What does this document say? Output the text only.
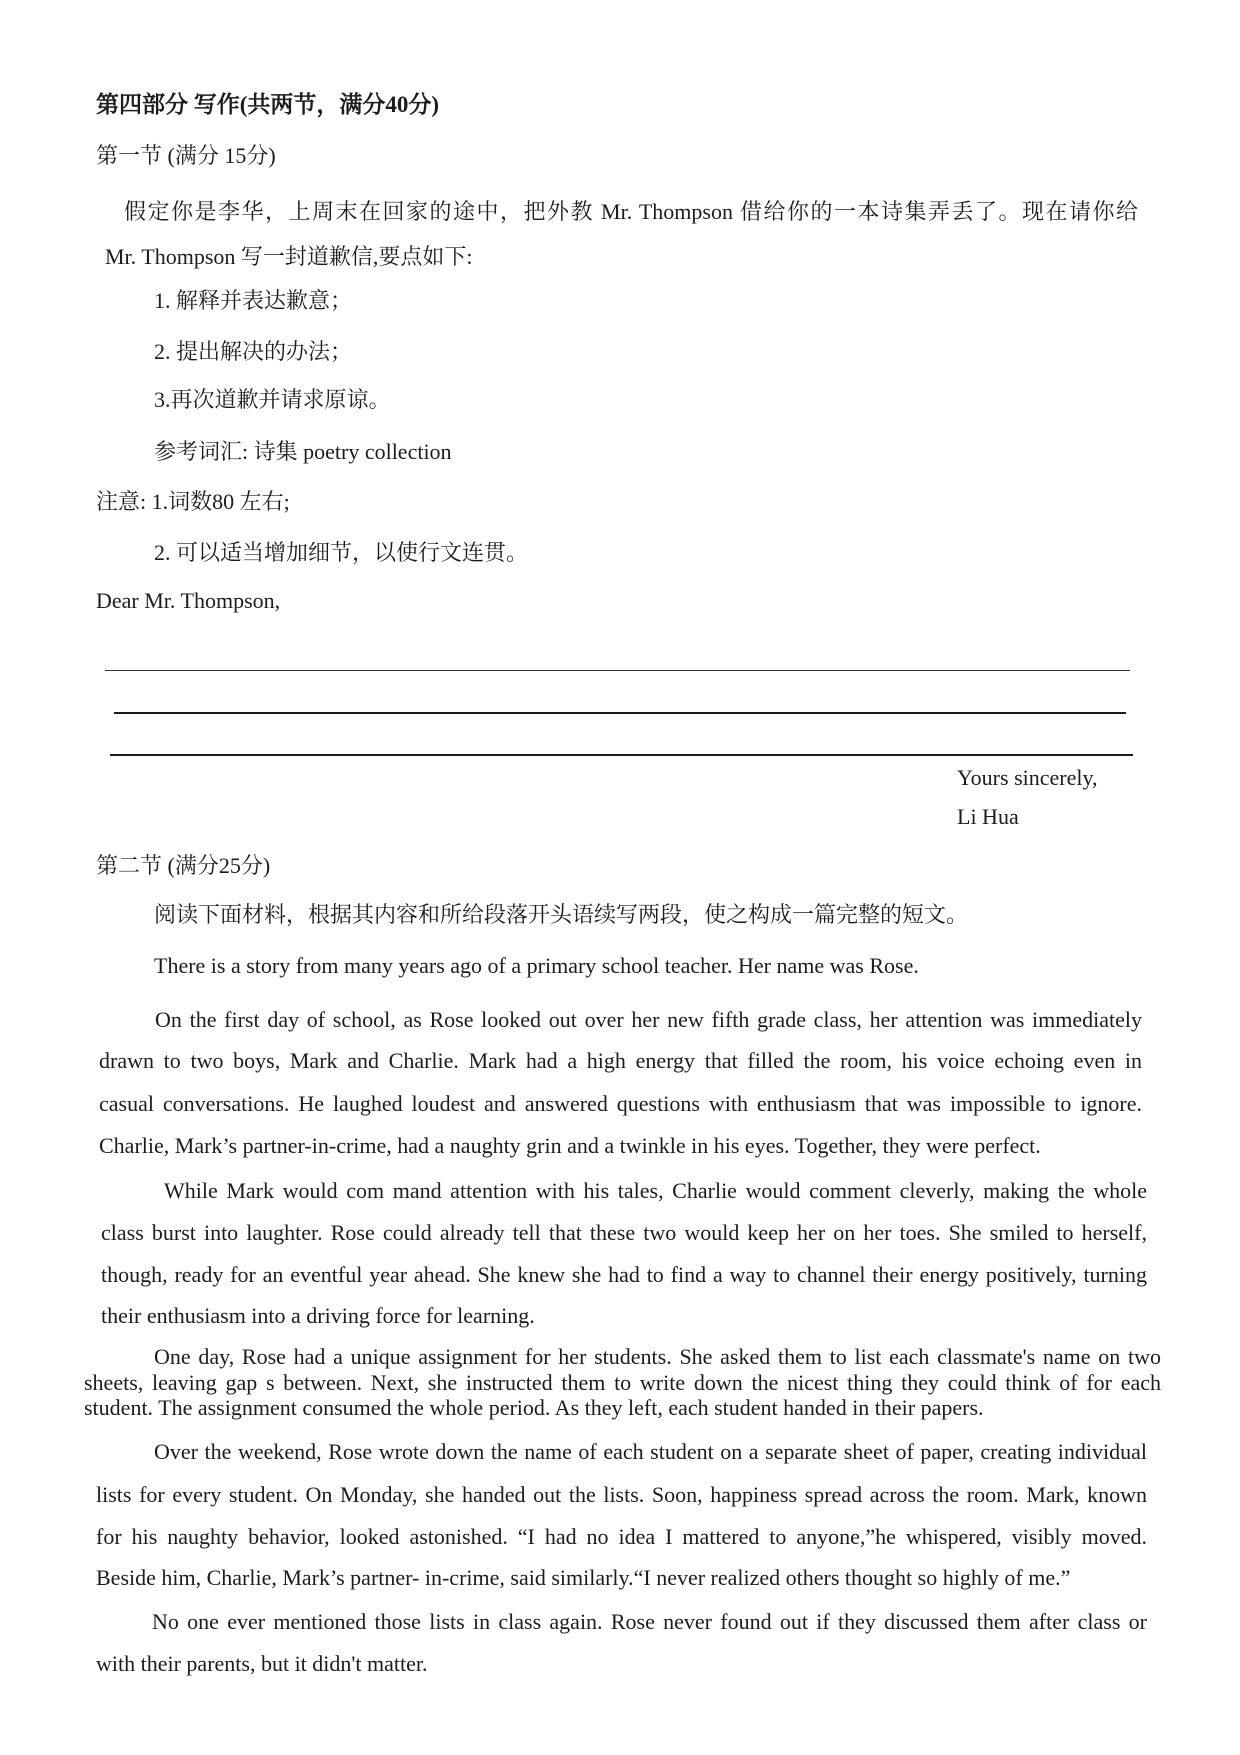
第四部分 写作(共两节，满分40分)
第一节 (满分 15分)
假定你是李华，上周末在回家的途中，把外教 Mr. Thompson 借给你的一本诗集弄丢了。现在请你给
Mr. Thompson 写一封道歉信,要点如下:
1. 解释并表达歉意；
2. 提出解决的办法；
3.再次道歉并请求原谅。
参考词汇: 诗集 poetry collection
注意: 1.词数80 左右;
2. 可以适当增加细节，以使行文连贯。
Dear Mr. Thompson,
Yours sincerely,
Li Hua
第二节 (满分25分)
阅读下面材料，根据其内容和所给段落开头语续写两段，使之构成一篇完整的短文。
There is a story from many years ago of a primary school teacher. Her name was Rose.
On the first day of school, as Rose looked out over her new fifth grade class, her attention was immediately
drawn to two boys, Mark and Charlie. Mark had a high energy that filled the room, his voice echoing even in
casual conversations. He laughed loudest and answered questions with enthusiasm that was impossible to ignore.
Charlie, Mark’s partner-in-crime, had a naughty grin and a twinkle in his eyes. Together, they were perfect.
While Mark would com mand attention with his tales, Charlie would comment cleverly, making the whole
class burst into laughter. Rose could already tell that these two would keep her on her toes. She smiled to herself,
though, ready for an eventful year ahead. She knew she had to find a way to channel their energy positively, turning
their enthusiasm into a driving force for learning.
One day, Rose had a unique assignment for her students. She asked them to list each classmate's name on two
sheets, leaving gap s between. Next, she instructed them to write down the nicest thing they could think of for each
student. The assignment consumed the whole period. As they left, each student handed in their papers.
Over the weekend, Rose wrote down the name of each student on a separate sheet of paper, creating individual
lists for every student. On Monday, she handed out the lists. Soon, happiness spread across the room. Mark, known
for his naughty behavior, looked astonished. “I had no idea I mattered to anyone,”he whispered, visibly moved.
Beside him, Charlie, Mark’s partner- in-crime, said similarly.“I never realized others thought so highly of me.”
No one ever mentioned those lists in class again. Rose never found out if they discussed them after class or
with their parents, but it didn't matter.
